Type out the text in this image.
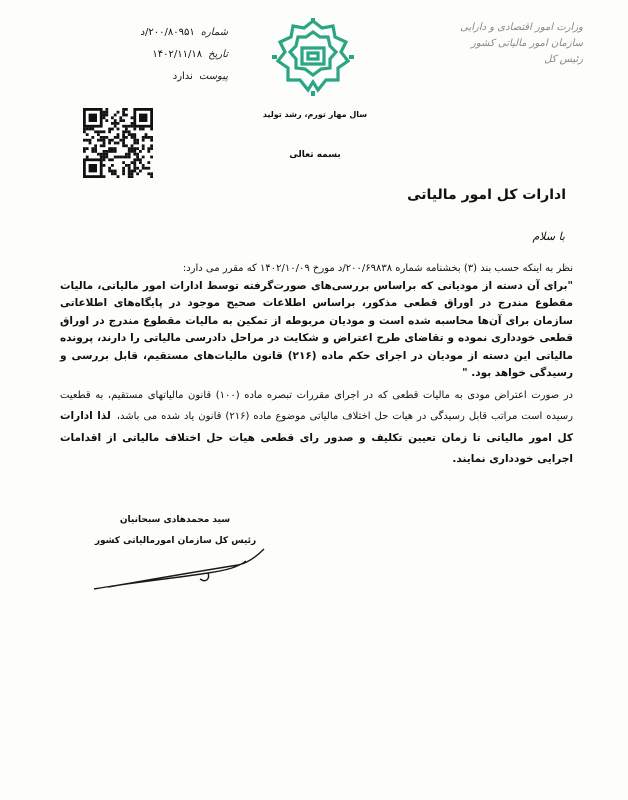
شماره
۲۰۰/۸۰۹۵۱/د
تاریخ
۱۴۰۲/۱۱/۱۸
پیوست
ندارد
وزارت امور اقتصادی و دارایی
سازمان امور مالیاتی کشور
رئیس کل
سال مهار تورم، رشد تولید
بسمه تعالی
ادارات کل امور مالیاتی
با سلام

نظر به اینکه حسب بند (۳) بخشنامه شماره ۲۰۰/۶۹۸۳۸/د مورخ ۱۴۰۲/۱۰/۰۹ که مقرر می دارد:

"برای آن دسته از مودیانی که براساس بررسی‌های صورت‌گرفته توسط ادارات امور مالیاتی، مالیات مقطوع مندرج در اوراق قطعی مذکور، براساس اطلاعات صحیح موجود در پایگاه‌های اطلاعاتی سازمان برای آن‌ها محاسبه شده است و مودیان مربوطه از تمکین به مالیات مقطوع مندرج در اوراق قطعی خودداری نموده و تقاضای طرح اعتراض و شکایت در مراحل دادرسی مالیاتی را دارند، پرونده مالیاتی این دسته از مودیان در اجرای حکم ماده (۲۱۶) قانون مالیات‌های مستقیم، قابل بررسی و رسیدگی خواهد بود. "

در صورت اعتراض مودی به مالیات قطعی که در اجرای مقررات تبصره ماده (۱۰۰) قانون مالیاتهای مستقیم، به قطعیت رسیده است مراتب قابل رسیدگی در هیات حل اختلاف مالیاتی موضوع ماده (۲۱۶) قانون یاد شده می باشد،

لذا ادارات کل امور مالیاتی تا زمان تعیین تکلیف و صدور رای قطعی هیات حل اختلاف مالیاتی از اقدامات اجرایی خودداری نمایند.

سید محمدهادی سبحانیان
رئیس کل سازمان امورمالیاتی کشور
